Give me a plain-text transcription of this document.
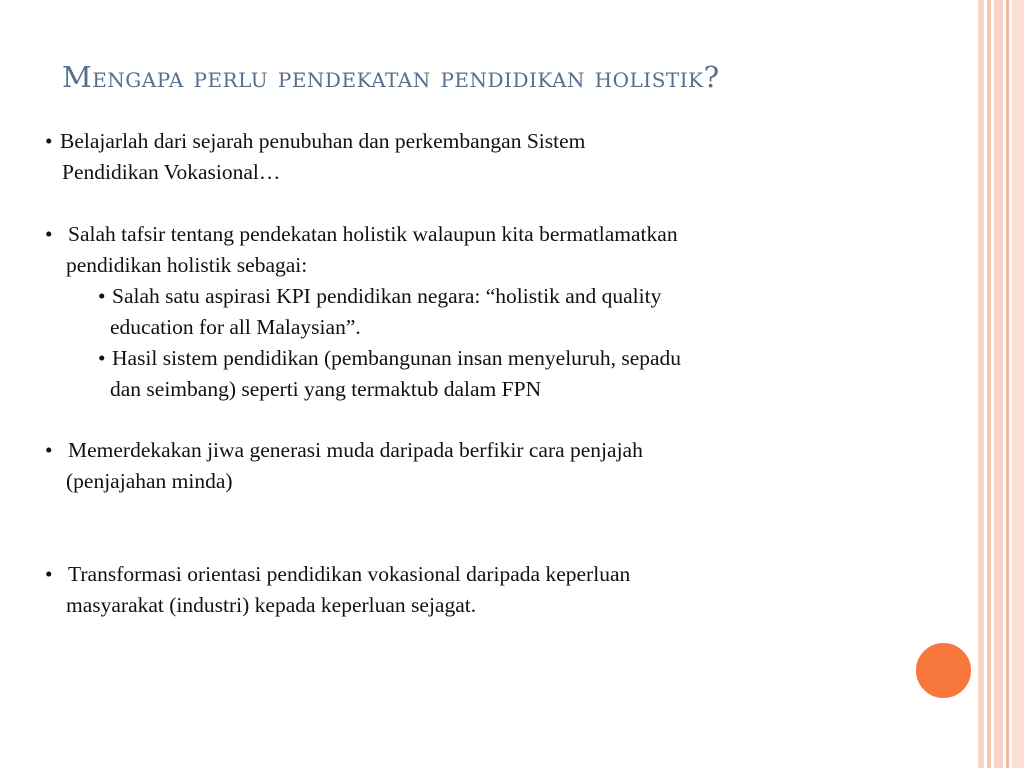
Mengapa perlu pendekatan pendidikan holistik?
• Belajarlah dari sejarah penubuhan dan perkembangan Sistem
Pendidikan Vokasional…
• Salah tafsir tentang pendekatan holistik walaupun kita bermatlamatkan
pendidikan holistik sebagai:
• Salah satu aspirasi KPI pendidikan negara: “holistik and quality
education for all Malaysian”.
• Hasil sistem pendidikan (pembangunan insan menyeluruh, sepadu
dan seimbang) seperti yang termaktub dalam FPN
• Memerdekakan jiwa generasi muda daripada berfikir cara penjajah
(penjajahan minda)
• Transformasi orientasi pendidikan vokasional daripada keperluan
masyarakat (industri) kepada keperluan sejagat.
